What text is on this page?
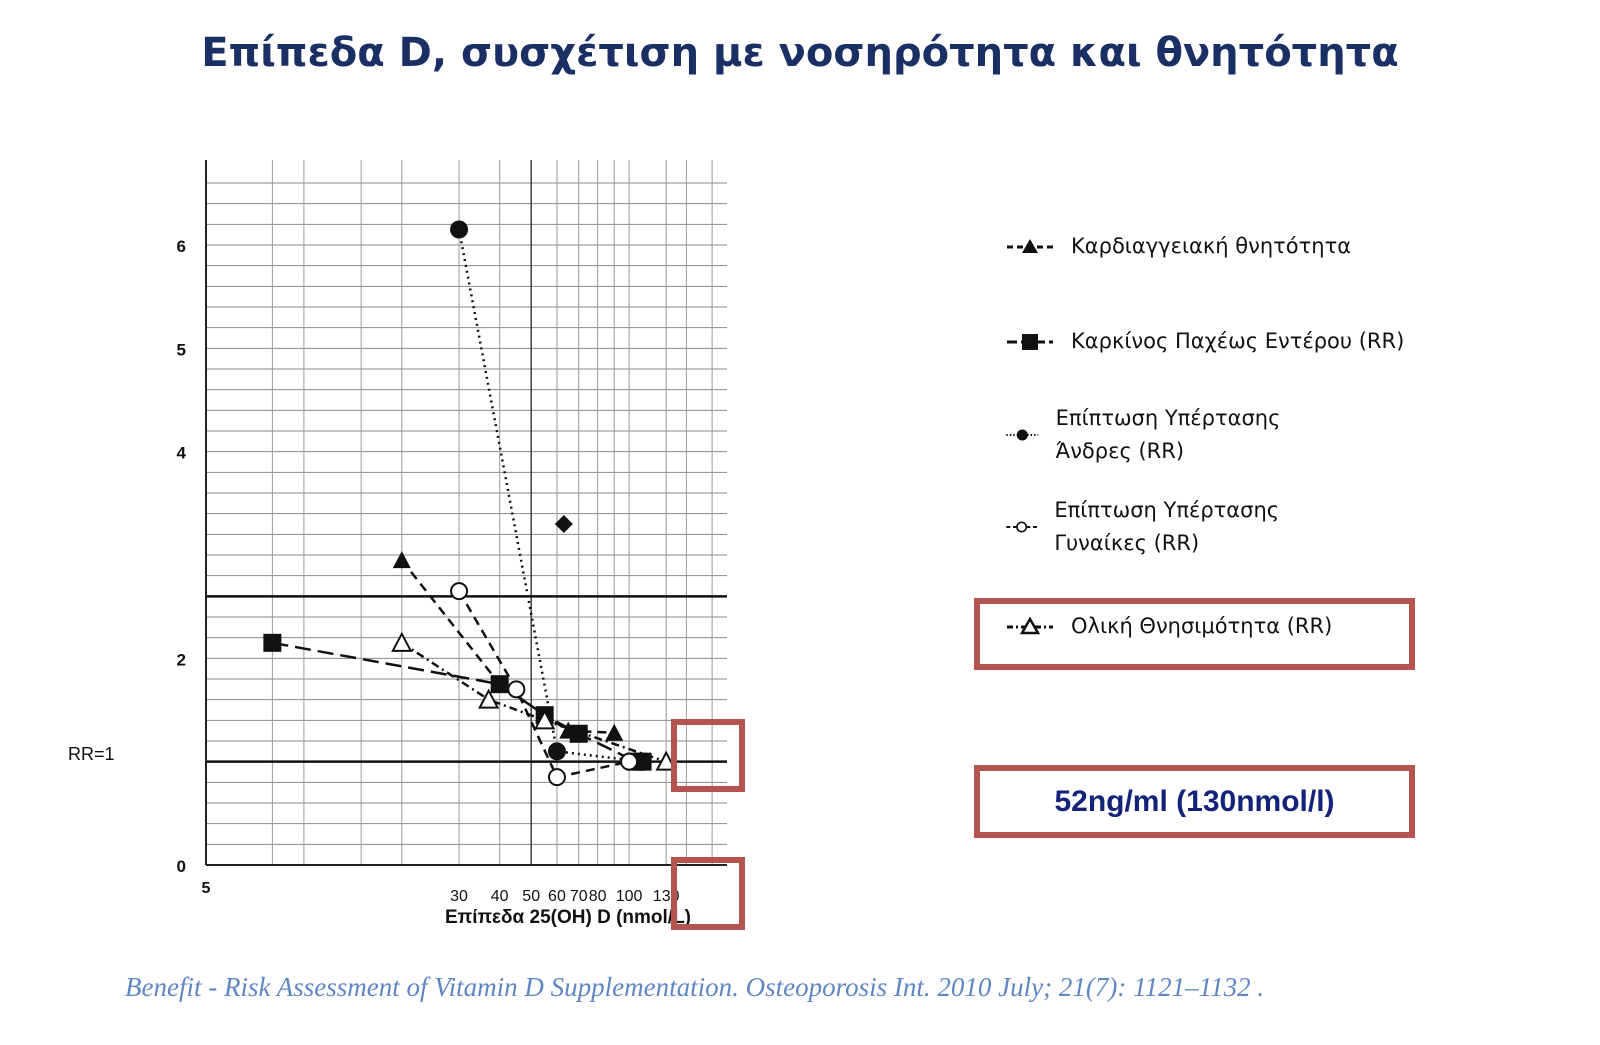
Επίπεδα D, συσχέτιση με νοσηρότητα και θνητότητα
0
2
4
5
6
5	30 40 50 60 70 80 100 130
Επίπεδα 25(OH) D (nmol/L)
RR=1
Καρδιαγγειακή θνητότητα
Καρκίνος Παχέως Εντέρου (RR)
Επίπτωση Υπέρτασης Άνδρες (RR)
Επίπτωση Υπέρτασης Γυναίκες (RR)
Ολική Θνησιμότητα (RR)
52ng/ml (130nmol/l)
Benefit - Risk Assessment of Vitamin D Supplementation. Osteoporosis Int. 2010 July; 21(7): 1121–1132 .
